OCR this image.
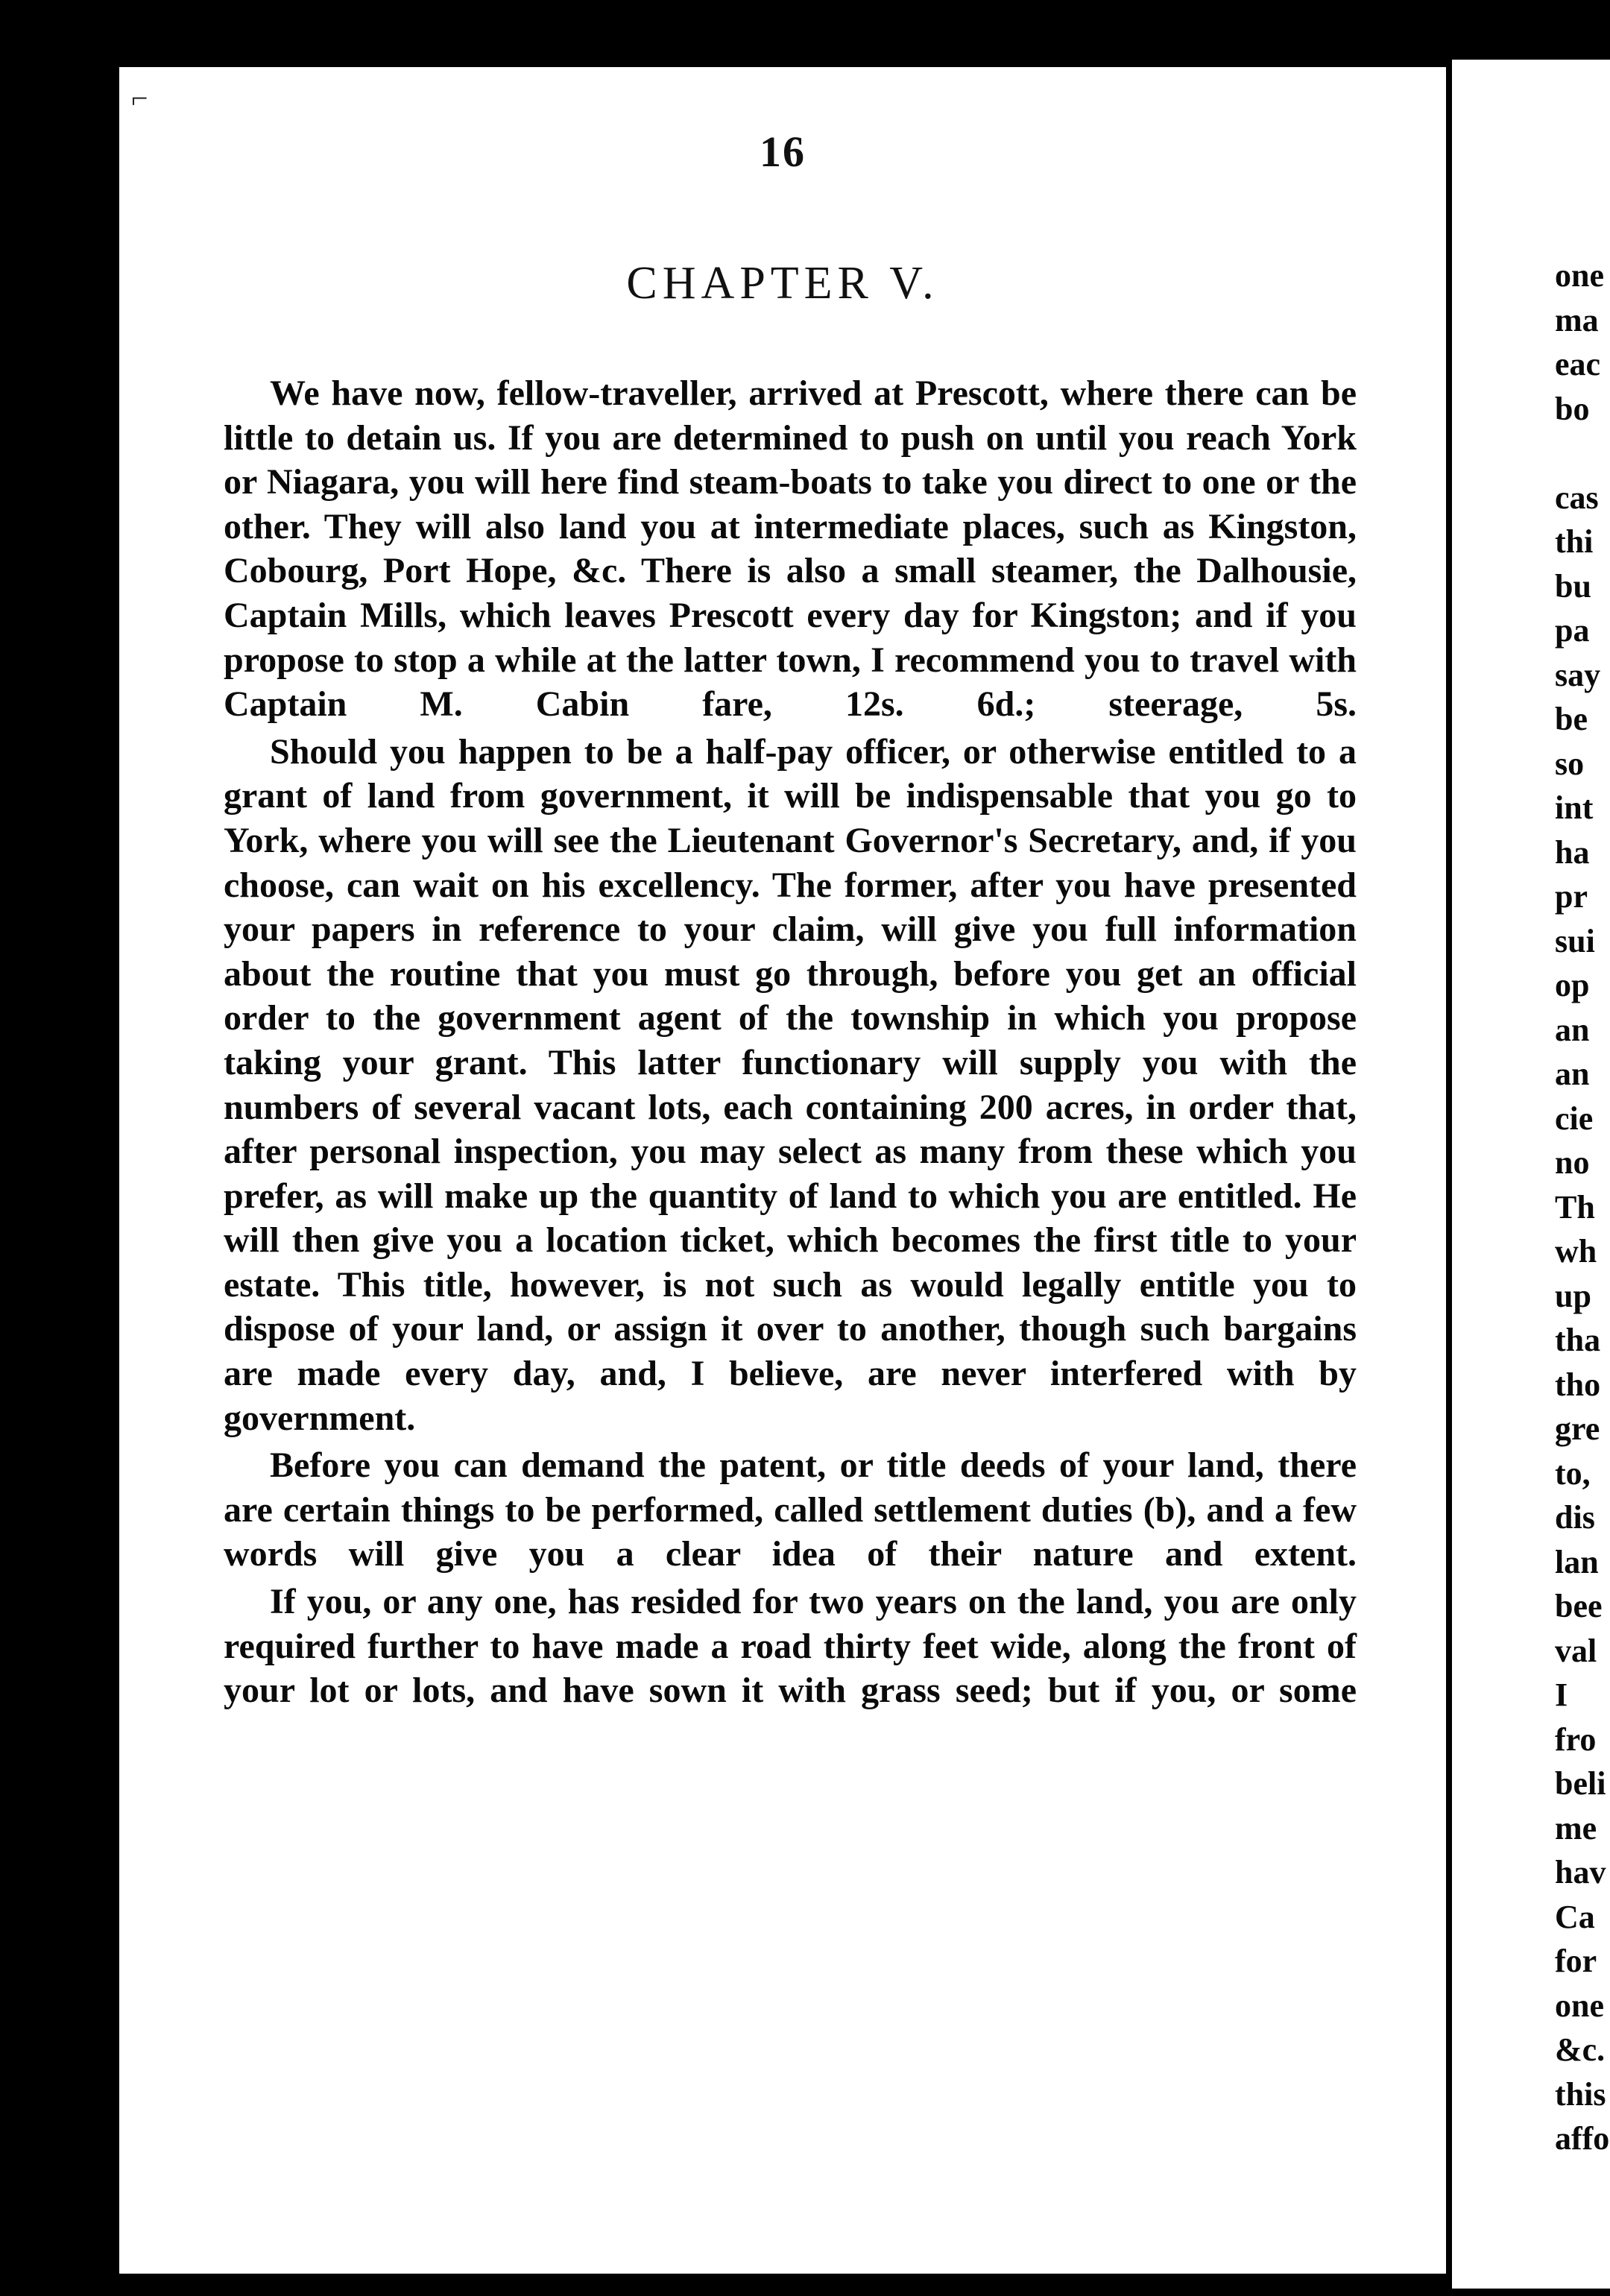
⌐
16
CHAPTER V.

We have now, fellow-traveller, arrived at Prescott, where there can be little to detain us. If you are determined to push on until you reach York or Niagara, you will here find steam-boats to take you direct to one or the other. They will also land you at intermediate places, such as Kingston, Cobourg, Port Hope, &c. There is also a small steamer, the Dalhousie, Captain Mills, which leaves Prescott every day for Kingston; and if you propose to stop a while at the latter town, I recommend you to travel with Captain M. Cabin fare, 12s. 6d.; steerage, 5s.

Should you happen to be a half-pay officer, or otherwise entitled to a grant of land from government, it will be indispensable that you go to York, where you will see the Lieutenant Governor's Secretary, and, if you choose, can wait on his excellency. The former, after you have presented your papers in reference to your claim, will give you full information about the routine that you must go through, before you get an official order to the government agent of the township in which you propose taking your grant. This latter functionary will supply you with the numbers of several vacant lots, each containing 200 acres, in order that, after personal inspection, you may select as many from these which you prefer, as will make up the quantity of land to which you are entitled. He will then give you a location ticket, which becomes the first title to your estate. This title, however, is not such as would legally entitle you to dispose of your land, or assign it over to another, though such bargains are made every day, and, I believe, are never interfered with by government.

Before you can demand the patent, or title deeds of your land, there are certain things to be performed, called settlement duties (b), and a few words will give you a clear idea of their nature and extent.

If you, or any one, has resided for two years on the land, you are only required further to have made a road thirty feet wide, along the front of your lot or lots, and have sown it with grass seed; but if you, or some

one
ma
eac
bo
cas
thi
bu
pa
say
be
so
int
ha
pr
sui
op
an
an
cie
no
Th
wh
up
tha
tho
gre
to,
dis
lan
bee
val
I
fro
beli
me
hav
Ca
for
one
&c.
this
affo
